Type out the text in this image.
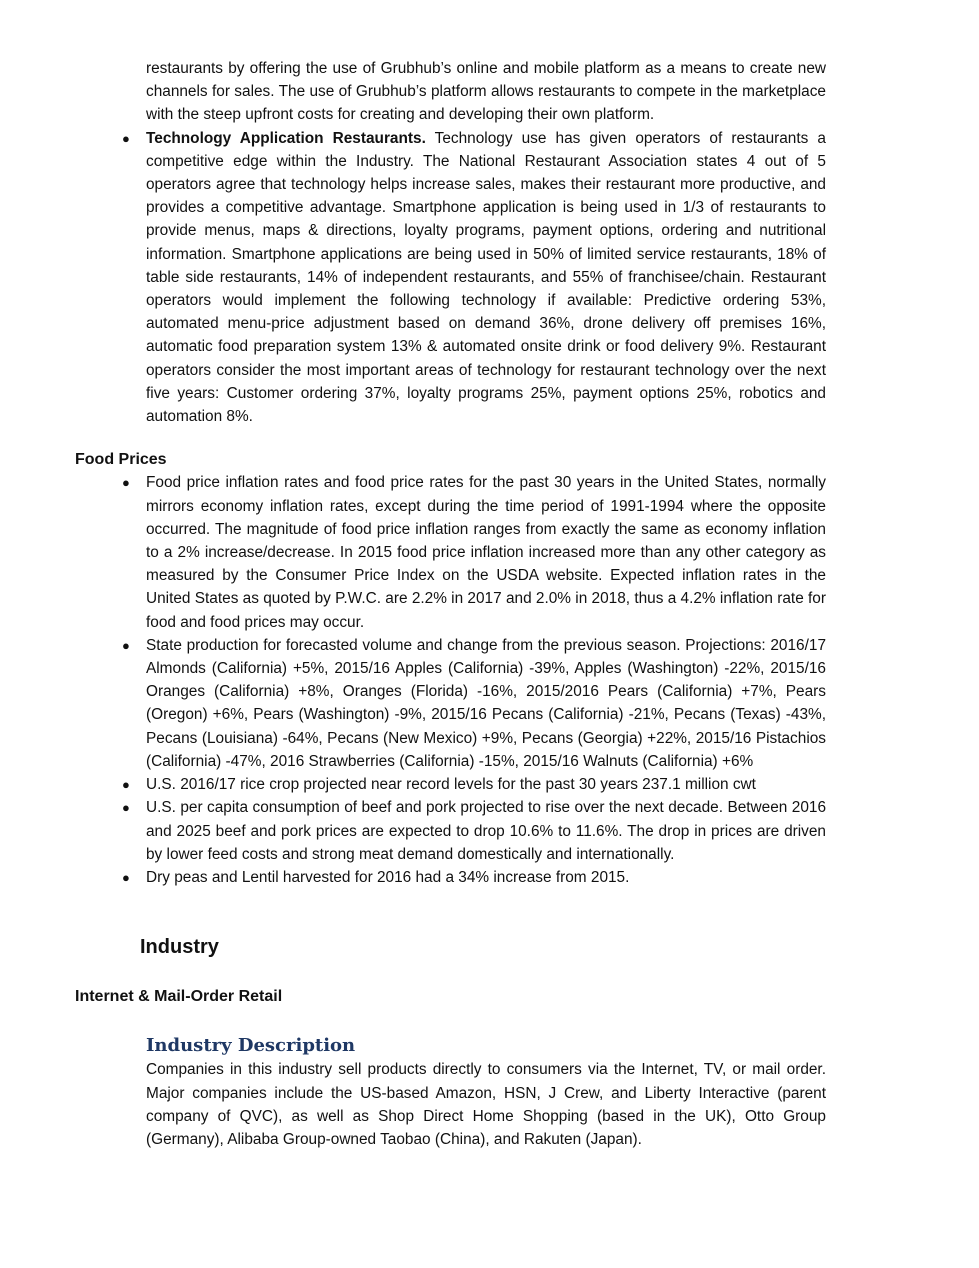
restaurants by offering the use of Grubhub’s online and mobile platform as a means to create new channels for sales. The use of Grubhub’s platform allows restaurants to compete in the marketplace with the steep upfront costs for creating and developing their own platform.
● Technology Application Restaurants. Technology use has given operators of restaurants a competitive edge within the Industry. The National Restaurant Association states 4 out of 5 operators agree that technology helps increase sales, makes their restaurant more productive, and provides a competitive advantage. Smartphone application is being used in 1/3 of restaurants to provide menus, maps & directions, loyalty programs, payment options, ordering and nutritional information. Smartphone applications are being used in 50% of limited service restaurants, 18% of table side restaurants, 14% of independent restaurants, and 55% of franchisee/chain. Restaurant operators would implement the following technology if available: Predictive ordering 53%, automated menu-price adjustment based on demand 36%, drone delivery off premises 16%, automatic food preparation system 13% & automated onsite drink or food delivery 9%. Restaurant operators consider the most important areas of technology for restaurant technology over the next five years: Customer ordering 37%, loyalty programs 25%, payment options 25%, robotics and automation 8%.
Food Prices
● Food price inflation rates and food price rates for the past 30 years in the United States, normally mirrors economy inflation rates, except during the time period of 1991-1994 where the opposite occurred. The magnitude of food price inflation ranges from exactly the same as economy inflation to a 2% increase/decrease. In 2015 food price inflation increased more than any other category as measured by the Consumer Price Index on the USDA website. Expected inflation rates in the United States as quoted by P.W.C. are 2.2% in 2017 and 2.0% in 2018, thus a 4.2% inflation rate for food and food prices may occur.
● State production for forecasted volume and change from the previous season. Projections: 2016/17 Almonds (California) +5%, 2015/16 Apples (California) -39%, Apples (Washington) -22%, 2015/16 Oranges (California) +8%, Oranges (Florida) -16%, 2015/2016 Pears (California) +7%, Pears (Oregon) +6%, Pears (Washington) -9%, 2015/16 Pecans (California) -21%, Pecans (Texas) -43%, Pecans (Louisiana) -64%, Pecans (New Mexico) +9%, Pecans (Georgia) +22%, 2015/16 Pistachios (California) -47%, 2016 Strawberries (California) -15%, 2015/16 Walnuts (California) +6%
● U.S. 2016/17 rice crop projected near record levels for the past 30 years 237.1 million cwt
● U.S. per capita consumption of beef and pork projected to rise over the next decade. Between 2016 and 2025 beef and pork prices are expected to drop 10.6% to 11.6%. The drop in prices are driven by lower feed costs and strong meat demand domestically and internationally.
● Dry peas and Lentil harvested for 2016 had a 34% increase from 2015.
Industry
Internet & Mail-Order Retail
Industry Description
Companies in this industry sell products directly to consumers via the Internet, TV, or mail order. Major companies include the US-based Amazon, HSN, J Crew, and Liberty Interactive (parent company of QVC), as well as Shop Direct Home Shopping (based in the UK), Otto Group (Germany), Alibaba Group-owned Taobao (China), and Rakuten (Japan).
